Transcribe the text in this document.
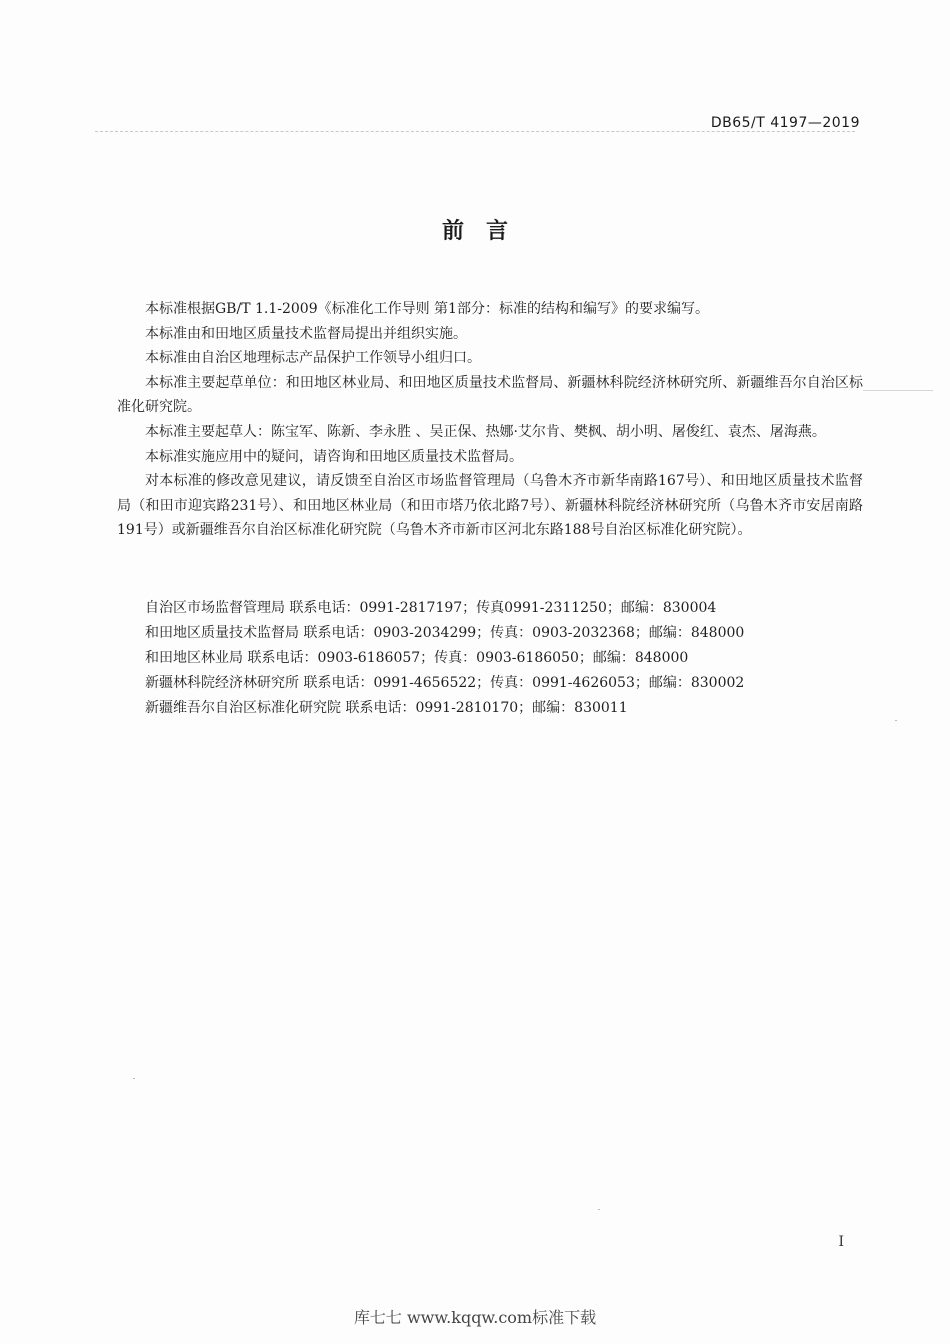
DB65/T 4197—2019
前言

本标准根据GB/T 1.1-2009《标准化工作导则 第1部分：标准的结构和编写》的要求编写。

本标准由和田地区质量技术监督局提出并组织实施。

本标准由自治区地理标志产品保护工作领导小组归口。

本标准主要起草单位：和田地区林业局、和田地区质量技术监督局、新疆林科院经济林研究所、新疆维吾尔自治区标准化研究院。

本标准主要起草人：陈宝军、陈新、李永胜 、吴正保、热娜·艾尔肯、樊枫、胡小明、屠俊红、袁杰、屠海燕。

本标准实施应用中的疑问，请咨询和田地区质量技术监督局。

对本标准的修改意见建议，请反馈至自治区市场监督管理局（乌鲁木齐市新华南路167号）、和田地区质量技术监督局（和田市迎宾路231号）、和田地区林业局（和田市塔乃依北路7号）、新疆林科院经济林研究所（乌鲁木齐市安居南路191号）或新疆维吾尔自治区标准化研究院（乌鲁木齐市新市区河北东路188号自治区标准化研究院）。

自治区市场监督管理局 联系电话：0991-2817197；传真0991-2311250；邮编：830004
和田地区质量技术监督局 联系电话：0903-2034299；传真：0903-2032368；邮编：848000
和田地区林业局 联系电话：0903-6186057；传真：0903-6186050；邮编：848000
新疆林科院经济林研究所 联系电话：0991-4656522；传真：0991-4626053；邮编：830002
新疆维吾尔自治区标准化研究院 联系电话：0991-2810170；邮编：830011
I
库七七 www.kqqw.com标准下载
